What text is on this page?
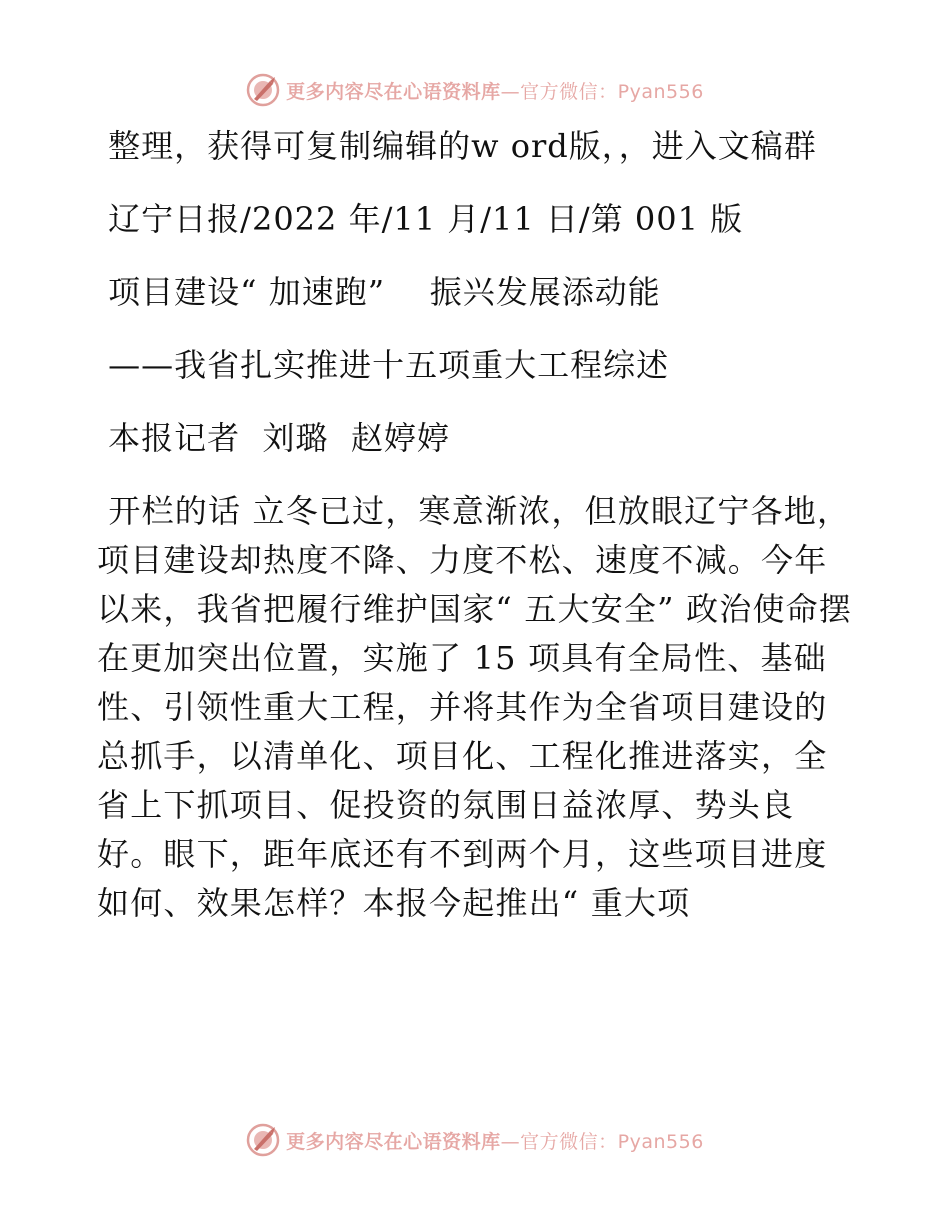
更多内容尽在心语资料库—官方微信：Pyan556

整理，获得可复制编辑的w ord版，，进入文稿群

辽宁日报/2022 年/11 月/11 日/第 001 版

项目建设“ 加速跑”    振兴发展添动能

——我省扎实推进十五项重大工程综述

本报记者  刘璐  赵婷婷

开栏的话 立冬已过，寒意渐浓，但放眼辽宁各地，项目建设却热度不降、力度不松、速度不减。今年以来，我省把履行维护国家“ 五大安全” 政治使命摆在更加突出位置，实施了 15 项具有全局性、基础性、引领性重大工程，并将其作为全省项目建设的总抓手，以清单化、项目化、工程化推进落实，全省上下抓项目、促投资的氛围日益浓厚、势头良好。眼下，距年底还有不到两个月，这些项目进度如何、效果怎样？本报今起推出“ 重大项

更多内容尽在心语资料库—官方微信：Pyan556
